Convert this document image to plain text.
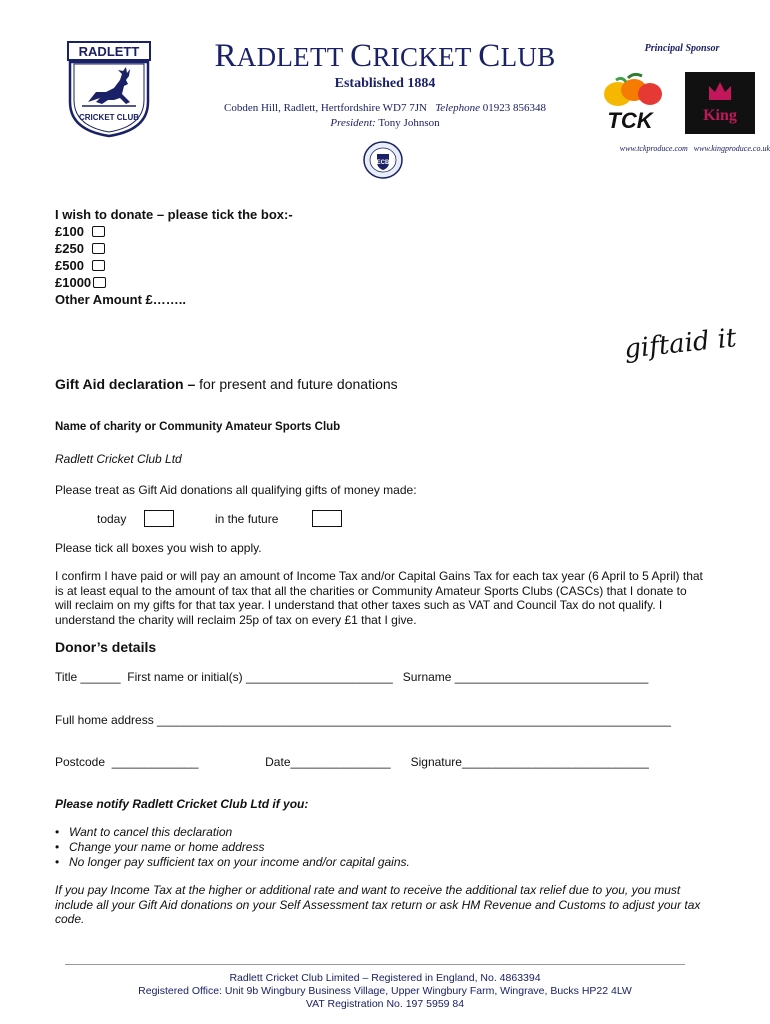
RADLETT
CRICKET CLUB
RADLETT CRICKET CLUB
Established 1884
Cobden Hill, Radlett, Hertfordshire WD7 7JN Telephone 01923 856348
President: Tony Johnson
ECB
Principal Sponsor
TCK	King
www.tckproduce.com www.kingproduce.co.uk
I wish to donate – please tick the box:-
£100
£250
£500
£1000
Other Amount £……..
giftaid it
Gift Aid declaration – for present and future donations
Name of charity or Community Amateur Sports Club
Radlett Cricket Club Ltd
Please treat as Gift Aid donations all qualifying gifts of money made:
today	in the future
Please tick all boxes you wish to apply.
I confirm I have paid or will pay an amount of Income Tax and/or Capital Gains Tax for each tax year (6 April to 5 April) that is at least equal to the amount of tax that all the charities or Community Amateur Sports Clubs (CASCs) that I donate to will reclaim on my gifts for that tax year. I understand that other taxes such as VAT and Council Tax do not qualify. I understand the charity will reclaim 25p of tax on every £1 that I give.
Donor’s details
Title ______  First name or initial(s) ______________________   Surname _____________________________
Full home address _____________________________________________________________________________
Postcode  _____________                    Date_______________      Signature____________________________
Please notify Radlett Cricket Club Ltd if you:
• Want to cancel this declaration
• Change your name or home address
• No longer pay sufficient tax on your income and/or capital gains.
If you pay Income Tax at the higher or additional rate and want to receive the additional tax relief due to you, you must include all your Gift Aid donations on your Self Assessment tax return or ask HM Revenue and Customs to adjust your tax code.
Radlett Cricket Club Limited – Registered in England, No. 4863394
Registered Office: Unit 9b Wingbury Business Village, Upper Wingbury Farm, Wingrave, Bucks HP22 4LW
VAT Registration No. 197 5959 84
